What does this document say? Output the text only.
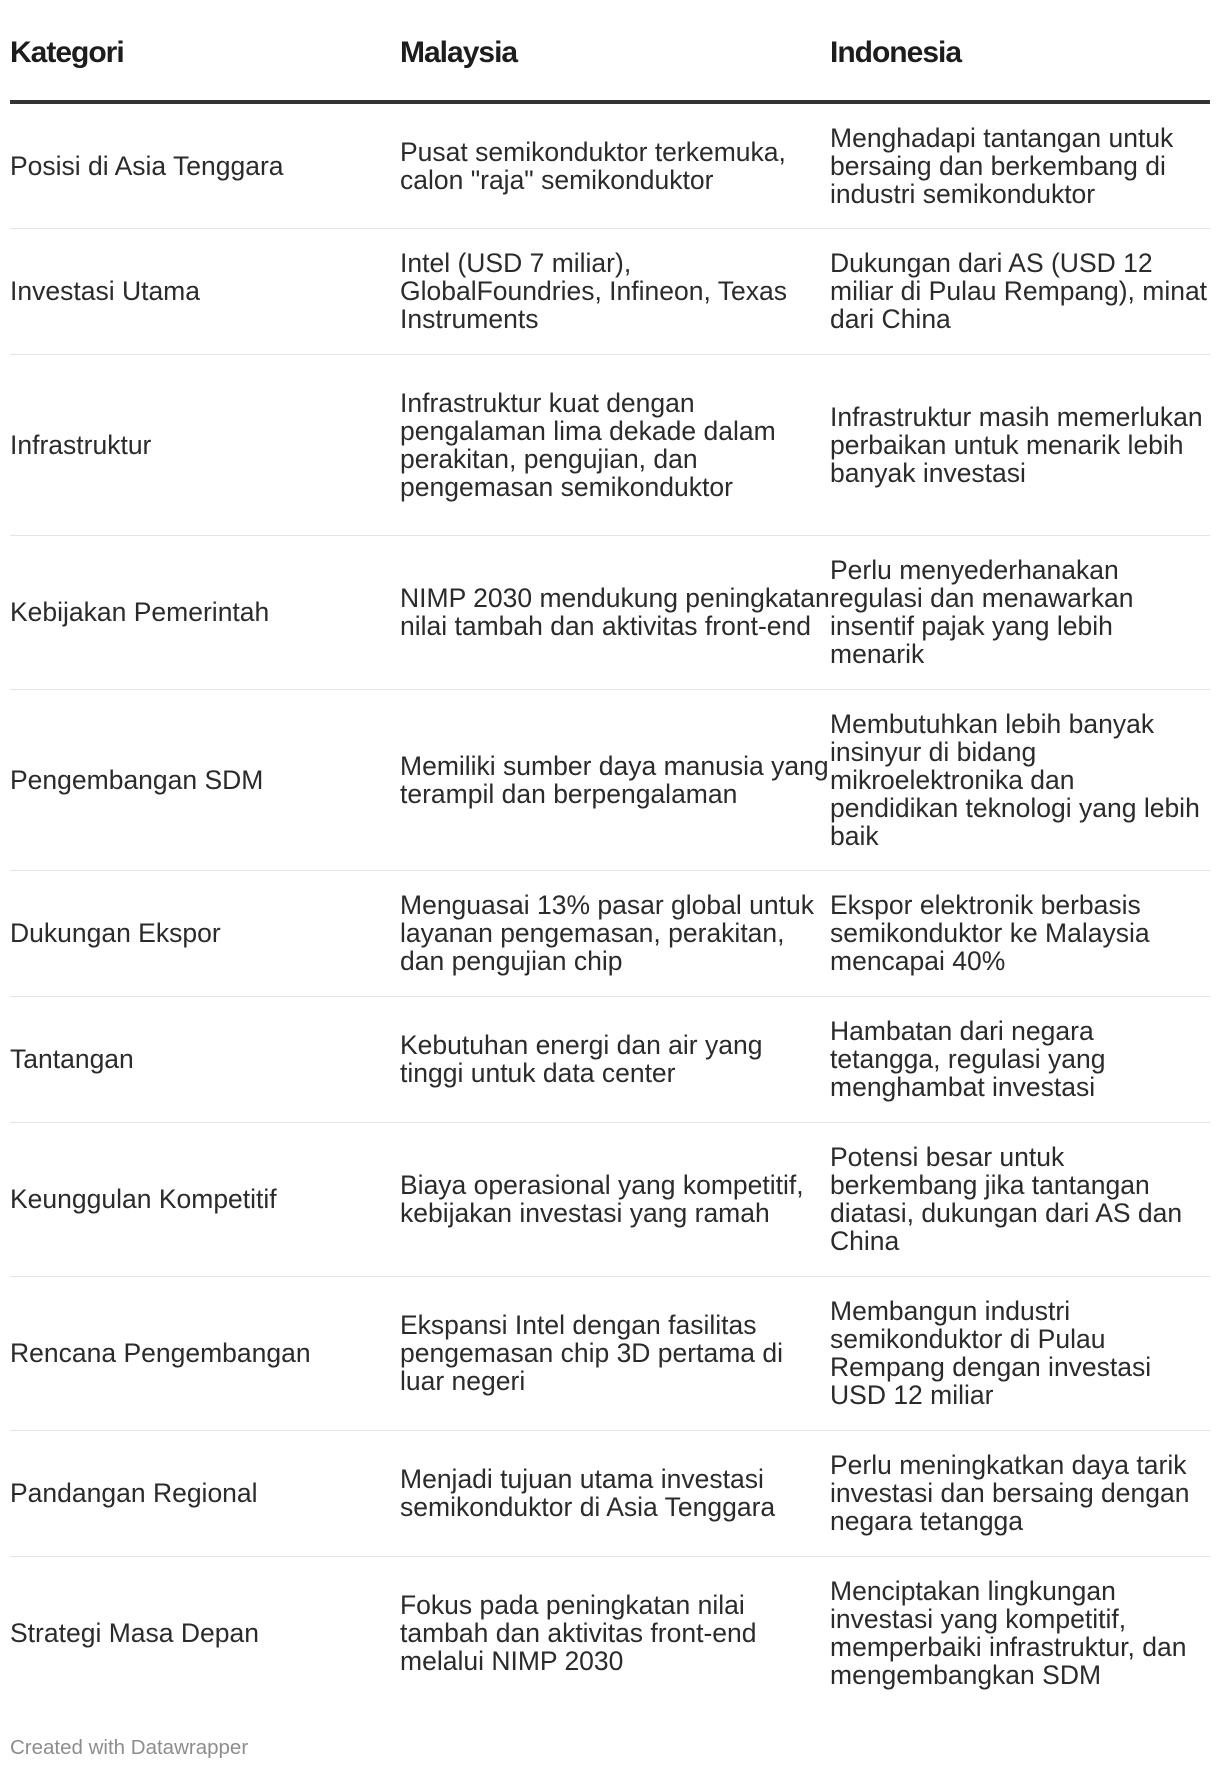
Kategori	Malaysia	Indonesia
Posisi di Asia Tenggara	Pusat semikonduktor terkemuka, calon "raja" semikonduktor	Menghadapi tantangan untuk bersaing dan berkembang di industri semikonduktor
Investasi Utama	Intel (USD 7 miliar), GlobalFoundries, Infineon, Texas Instruments	Dukungan dari AS (USD 12 miliar di Pulau Rempang), minat dari China
Infrastruktur	Infrastruktur kuat dengan pengalaman lima dekade dalam perakitan, pengujian, dan pengemasan semikonduktor	Infrastruktur masih memerlukan perbaikan untuk menarik lebih banyak investasi
Kebijakan Pemerintah	NIMP 2030 mendukung peningkatan nilai tambah dan aktivitas front-end	Perlu menyederhanakan regulasi dan menawarkan insentif pajak yang lebih menarik
Pengembangan SDM	Memiliki sumber daya manusia yang terampil dan berpengalaman	Membutuhkan lebih banyak insinyur di bidang mikroelektronika dan pendidikan teknologi yang lebih baik
Dukungan Ekspor	Menguasai 13% pasar global untuk layanan pengemasan, perakitan, dan pengujian chip	Ekspor elektronik berbasis semikonduktor ke Malaysia mencapai 40%
Tantangan	Kebutuhan energi dan air yang tinggi untuk data center	Hambatan dari negara tetangga, regulasi yang menghambat investasi
Keunggulan Kompetitif	Biaya operasional yang kompetitif, kebijakan investasi yang ramah	Potensi besar untuk berkembang jika tantangan diatasi, dukungan dari AS dan China
Rencana Pengembangan	Ekspansi Intel dengan fasilitas pengemasan chip 3D pertama di luar negeri	Membangun industri semikonduktor di Pulau Rempang dengan investasi USD 12 miliar
Pandangan Regional	Menjadi tujuan utama investasi semikonduktor di Asia Tenggara	Perlu meningkatkan daya tarik investasi dan bersaing dengan negara tetangga
Strategi Masa Depan	Fokus pada peningkatan nilai tambah dan aktivitas front-end melalui NIMP 2030	Menciptakan lingkungan investasi yang kompetitif, memperbaiki infrastruktur, dan mengembangkan SDM
Created with Datawrapper
